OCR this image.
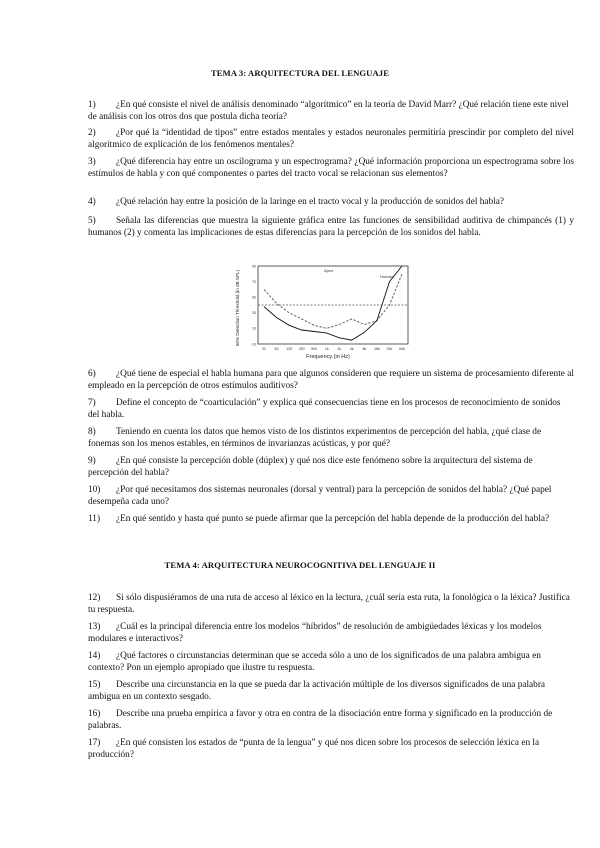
TEMA 3: ARQUITECTURA DEL LENGUAJE
1) ¿En qué consiste el nivel de análisis denominado “algorítmico” en la teoría de David Marr? ¿Qué relación tiene este nivel de análisis con los otros dos que postula dicha teoría?
2) ¿Por qué la “identidad de tipos” entre estados mentales y estados neuronales permitiría prescindir por completo del nivel algorítmico de explicación de los fenómenos mentales?
3) ¿Qué diferencia hay entre un oscilograma y un espectrograma? ¿Qué información proporciona un espectrograma sobre los estímulos de habla y con qué componentes o partes del tracto vocal se relacionan sus elementos?
4) ¿Qué relación hay entre la posición de la laringe en el tracto vocal y la producción de sonidos del habla?
5) Señala las diferencias que muestra la siguiente gráfica entre las funciones de sensibilidad auditiva de chimpancés (1) y humanos (2) y comenta las implicaciones de estas diferencias para la percepción de los sonidos del habla.
32 63 125 250 500 1k 2k 4k 8k 16k 32k 64k
-10
10
30
50
70
90
Frequency (in Hz)
50% Detection Threshold (in dB SPL)	Apes
Human
6) ¿Qué tiene de especial el habla humana para que algunos consideren que requiere un sistema de procesamiento diferente al empleado en la percepción de otros estímulos auditivos?
7) Define el concepto de “coarticulación” y explica qué consecuencias tiene en los procesos de reconocimiento de sonidos del habla.
8) Teniendo en cuenta los datos que hemos visto de los distintos experimentos de percepción del habla, ¿qué clase de fonemas son los menos estables, en términos de invarianzas acústicas, y por qué?
9) ¿En qué consiste la percepción doble (dúplex) y qué nos dice este fenómeno sobre la arquitectura del sistema de percepción del habla?
10) ¿Por qué necesitamos dos sistemas neuronales (dorsal y ventral) para la percepción de sonidos del habla? ¿Qué papel desempeña cada uno?
11) ¿En qué sentido y hasta qué punto se puede afirmar que la percepción del habla depende de la producción del habla?
TEMA 4: ARQUITECTURA NEUROCOGNITIVA DEL LENGUAJE II
12) Si sólo dispusiéramos de una ruta de acceso al léxico en la lectura, ¿cuál sería esta ruta, la fonológica o la léxica? Justifica tu respuesta.
13) ¿Cuál es la principal diferencia entre los modelos “híbridos” de resolución de ambigüedades léxicas y los modelos modulares e interactivos?
14) ¿Qué factores o circunstancias determinan que se acceda sólo a uno de los significados de una palabra ambigua en contexto? Pon un ejemplo apropiado que ilustre tu respuesta.
15) Describe una circunstancia en la que se pueda dar la activación múltiple de los diversos significados de una palabra ambigua en un contexto sesgado.
16) Describe una prueba empírica a favor y otra en contra de la disociación entre forma y significado en la producción de palabras.
17) ¿En qué consisten los estados de “punta de la lengua” y qué nos dicen sobre los procesos de selección léxica en la producción?
